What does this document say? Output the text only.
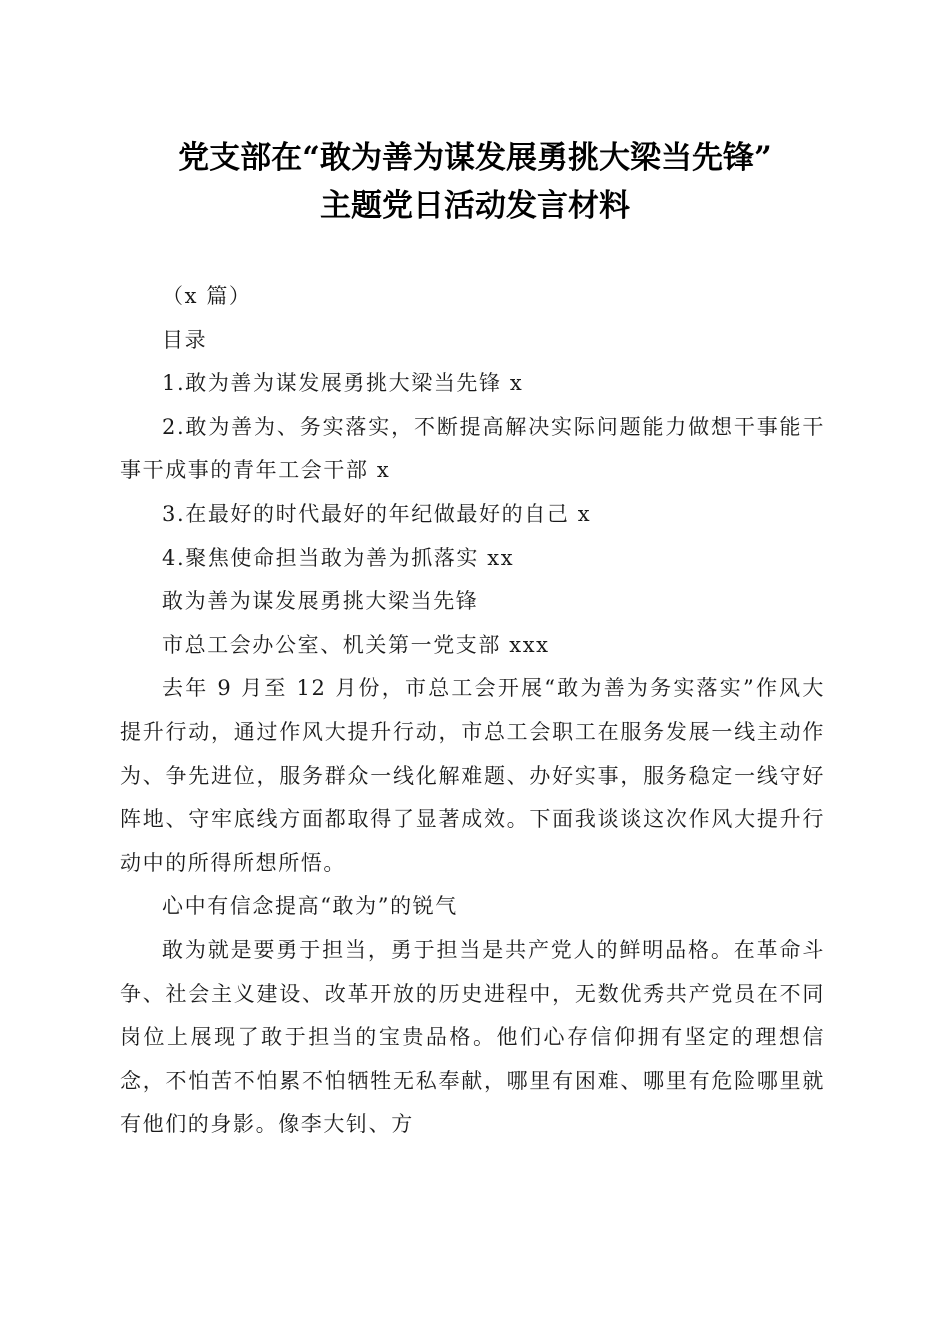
党支部在“敢为善为谋发展勇挑大梁当先锋”
主题党日活动发言材料

（x 篇）

目录

1.敢为善为谋发展勇挑大梁当先锋 x

2.敢为善为、务实落实，不断提高解决实际问题能力做想干事能干事干成事的青年工会干部 x

3.在最好的时代最好的年纪做最好的自己 x

4.聚焦使命担当敢为善为抓落实 xx

敢为善为谋发展勇挑大梁当先锋

市总工会办公室、机关第一党支部 xxx

去年 9 月至 12 月份，市总工会开展“敢为善为务实落实”作风大提升行动，通过作风大提升行动，市总工会职工在服务发展一线主动作为、争先进位，服务群众一线化解难题、办好实事，服务稳定一线守好阵地、守牢底线方面都取得了显著成效。下面我谈谈这次作风大提升行动中的所得所想所悟。

心中有信念提高“敢为”的锐气

敢为就是要勇于担当，勇于担当是共产党人的鲜明品格。在革命斗争、社会主义建设、改革开放的历史进程中，无数优秀共产党员在不同岗位上展现了敢于担当的宝贵品格。他们心存信仰拥有坚定的理想信念，不怕苦不怕累不怕牺牲无私奉献，哪里有困难、哪里有危险哪里就有他们的身影。像李大钊、方
